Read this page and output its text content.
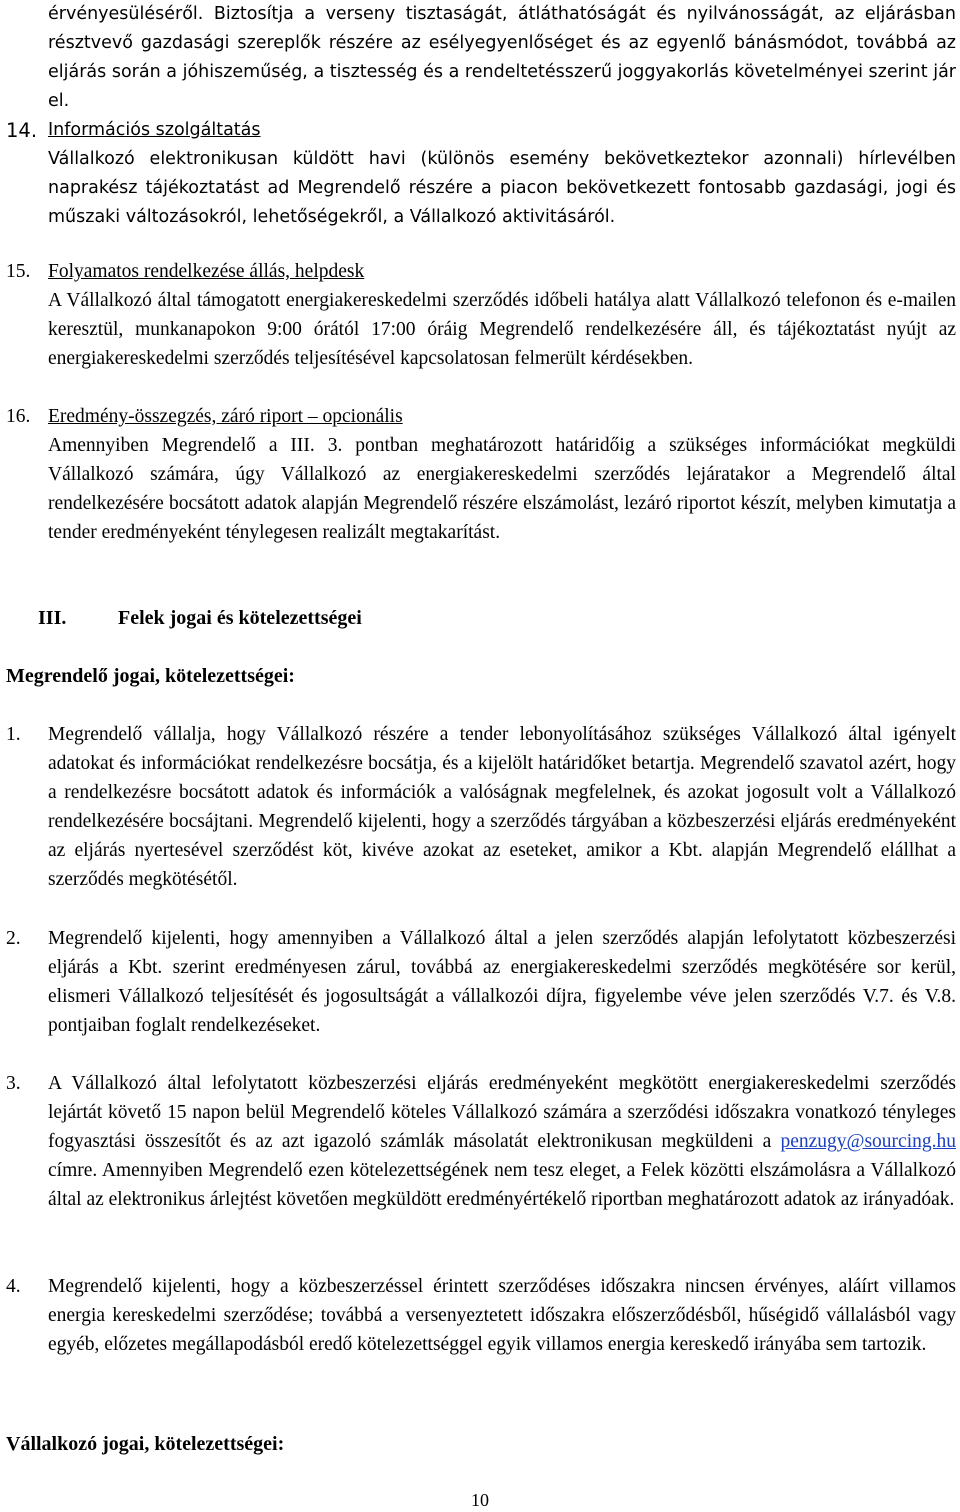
érvényesüléséről. Biztosítja a verseny tisztaságát, átláthatóságát és nyilvánosságát, az eljárásban résztvevő gazdasági szereplők részére az esélyegyenlőséget és az egyenlő bánásmódot, továbbá az eljárás során a jóhiszeműség, a tisztesség és a rendeltetésszerű joggyakorlás követelményei szerint jár el.
14. Információs szolgáltatás
Vállalkozó elektronikusan küldött havi (különös esemény bekövetkeztekor azonnali) hírlevélben naprakész tájékoztatást ad Megrendelő részére a piacon bekövetkezett fontosabb gazdasági, jogi és műszaki változásokról, lehetőségekről, a Vállalkozó aktivitásáról.
15. Folyamatos rendelkezése állás, helpdesk
A Vállalkozó által támogatott energiakereskedelmi szerződés időbeli hatálya alatt Vállalkozó telefonon és e-mailen keresztül, munkanapokon 9:00 órától 17:00 óráig Megrendelő rendelkezésére áll, és tájékoztatást nyújt az energiakereskedelmi szerződés teljesítésével kapcsolatosan felmerült kérdésekben.
16. Eredmény-összegzés, záró riport – opcionális
Amennyiben Megrendelő a III. 3. pontban meghatározott határidőig a szükséges információkat megküldi Vállalkozó számára, úgy Vállalkozó az energiakereskedelmi szerződés lejáratakor a Megrendelő által rendelkezésére bocsátott adatok alapján Megrendelő részére elszámolást, lezáró riportot készít, melyben kimutatja a tender eredményeként ténylegesen realizált megtakarítást.
III.	Felek jogai és kötelezettségei
Megrendelő jogai, kötelezettségei:
1.	Megrendelő vállalja, hogy Vállalkozó részére a tender lebonyolításához szükséges Vállalkozó által igényelt adatokat és információkat rendelkezésre bocsátja, és a kijelölt határidőket betartja. Megrendelő szavatol azért, hogy a rendelkezésre bocsátott adatok és információk a valóságnak megfelelnek, és azokat jogosult volt a Vállalkozó rendelkezésére bocsájtani. Megrendelő kijelenti, hogy a szerződés tárgyában a közbeszerzési eljárás eredményeként az eljárás nyertesével szerződést köt, kivéve azokat az eseteket, amikor a Kbt. alapján Megrendelő elállhat a szerződés megkötésétől.
2.	Megrendelő kijelenti, hogy amennyiben a Vállalkozó által a jelen szerződés alapján lefolytatott közbeszerzési eljárás a Kbt. szerint eredményesen zárul, továbbá az energiakereskedelmi szerződés megkötésére sor kerül, elismeri Vállalkozó teljesítését és jogosultságát a vállalkozói díjra, figyelembe véve jelen szerződés V.7. és V.8. pontjaiban foglalt rendelkezéseket.
3.	A Vállalkozó által lefolytatott közbeszerzési eljárás eredményeként megkötött energiakereskedelmi szerződés lejártát követő 15 napon belül Megrendelő köteles Vállalkozó számára a szerződési időszakra vonatkozó tényleges fogyasztási összesítőt és az azt igazoló számlák másolatát elektronikusan megküldeni a penzugy@sourcing.hu címre. Amennyiben Megrendelő ezen kötelezettségének nem tesz eleget, a Felek közötti elszámolásra a Vállalkozó által az elektronikus árlejtést követően megküldött eredményértékelő riportban meghatározott adatok az irányadóak.
4.	Megrendelő kijelenti, hogy a közbeszerzéssel érintett szerződéses időszakra nincsen érvényes, aláírt villamos energia kereskedelmi szerződése; továbbá a versenyeztetett időszakra előszerződésből, hűségidő vállalásból vagy egyéb, előzetes megállapodásból eredő kötelezettséggel egyik villamos energia kereskedő irányába sem tartozik.
Vállalkozó jogai, kötelezettségei:
10
